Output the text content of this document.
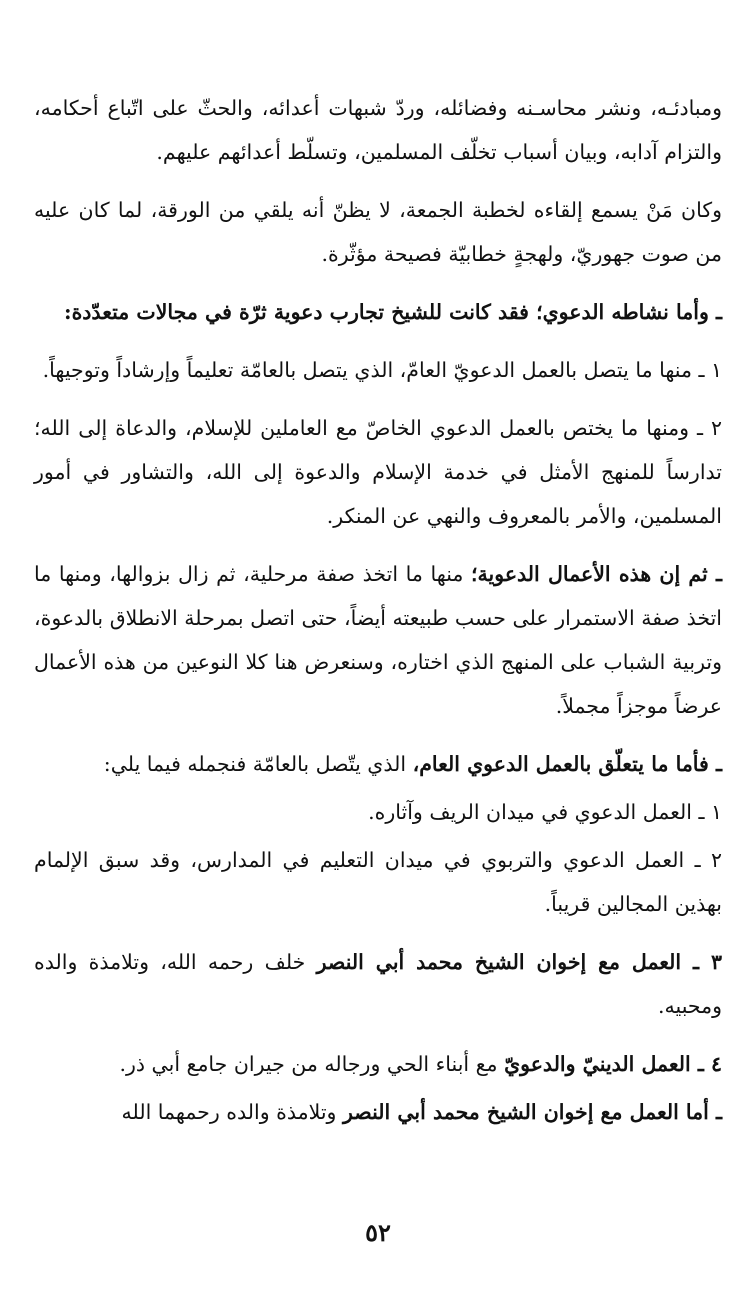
ومبادئـه، ونشر محاسـنه وفضائله، وردّ شبهات أعدائه، والحثّ على اتّباع أحكامه، والتزام آدابه، وبيان أسباب تخلّف المسلمين، وتسلّط أعدائهم عليهم.

وكان مَنْ يسمع إلقاءه لخطبة الجمعة، لا يظنّ أنه يلقي من الورقة، لما كان عليه من صوت جهوريّ، ولهجةٍ خطابيّة فصيحة مؤثّرة.

ـ وأما نشاطه الدعوي؛ فقد كانت للشيخ تجارب دعوية ثرّة في مجالات متعدّدة:

١ ـ منها ما يتصل بالعمل الدعويّ العامّ، الذي يتصل بالعامّة تعليماً وإرشاداً وتوجيهاً.

٢ ـ ومنها ما يختص بالعمل الدعوي الخاصّ مع العاملين للإسلام، والدعاة إلى الله؛ تدارساً للمنهج الأمثل في خدمة الإسلام والدعوة إلى الله، والتشاور في أمور المسلمين، والأمر بالمعروف والنهي عن المنكر.

ـ ثم إن هذه الأعمال الدعوية؛ منها ما اتخذ صفة مرحلية، ثم زال بزوالها، ومنها ما اتخذ صفة الاستمرار على حسب طبيعته أيضاً، حتى اتصل بمرحلة الانطلاق بالدعوة، وتربية الشباب على المنهج الذي اختاره، وسنعرض هنا كلا النوعين من هذه الأعمال عرضاً موجزاً مجملاً.

ـ فأما ما يتعلّق بالعمل الدعوي العام، الذي يتّصل بالعامّة فنجمله فيما يلي:

١ ـ العمل الدعوي في ميدان الريف وآثاره.

٢ ـ العمل الدعوي والتربوي في ميدان التعليم في المدارس، وقد سبق الإلمام بهذين المجالين قريباً.

٣ ـ العمل مع إخوان الشيخ محمد أبي النصر خلف رحمه الله، وتلامذة والده ومحبيه.

٤ ـ العمل الدينيّ والدعويّ مع أبناء الحي ورجاله من جيران جامع أبي ذر.

ـ أما العمل مع إخوان الشيخ محمد أبي النصر وتلامذة والده رحمهما الله

٥٢
